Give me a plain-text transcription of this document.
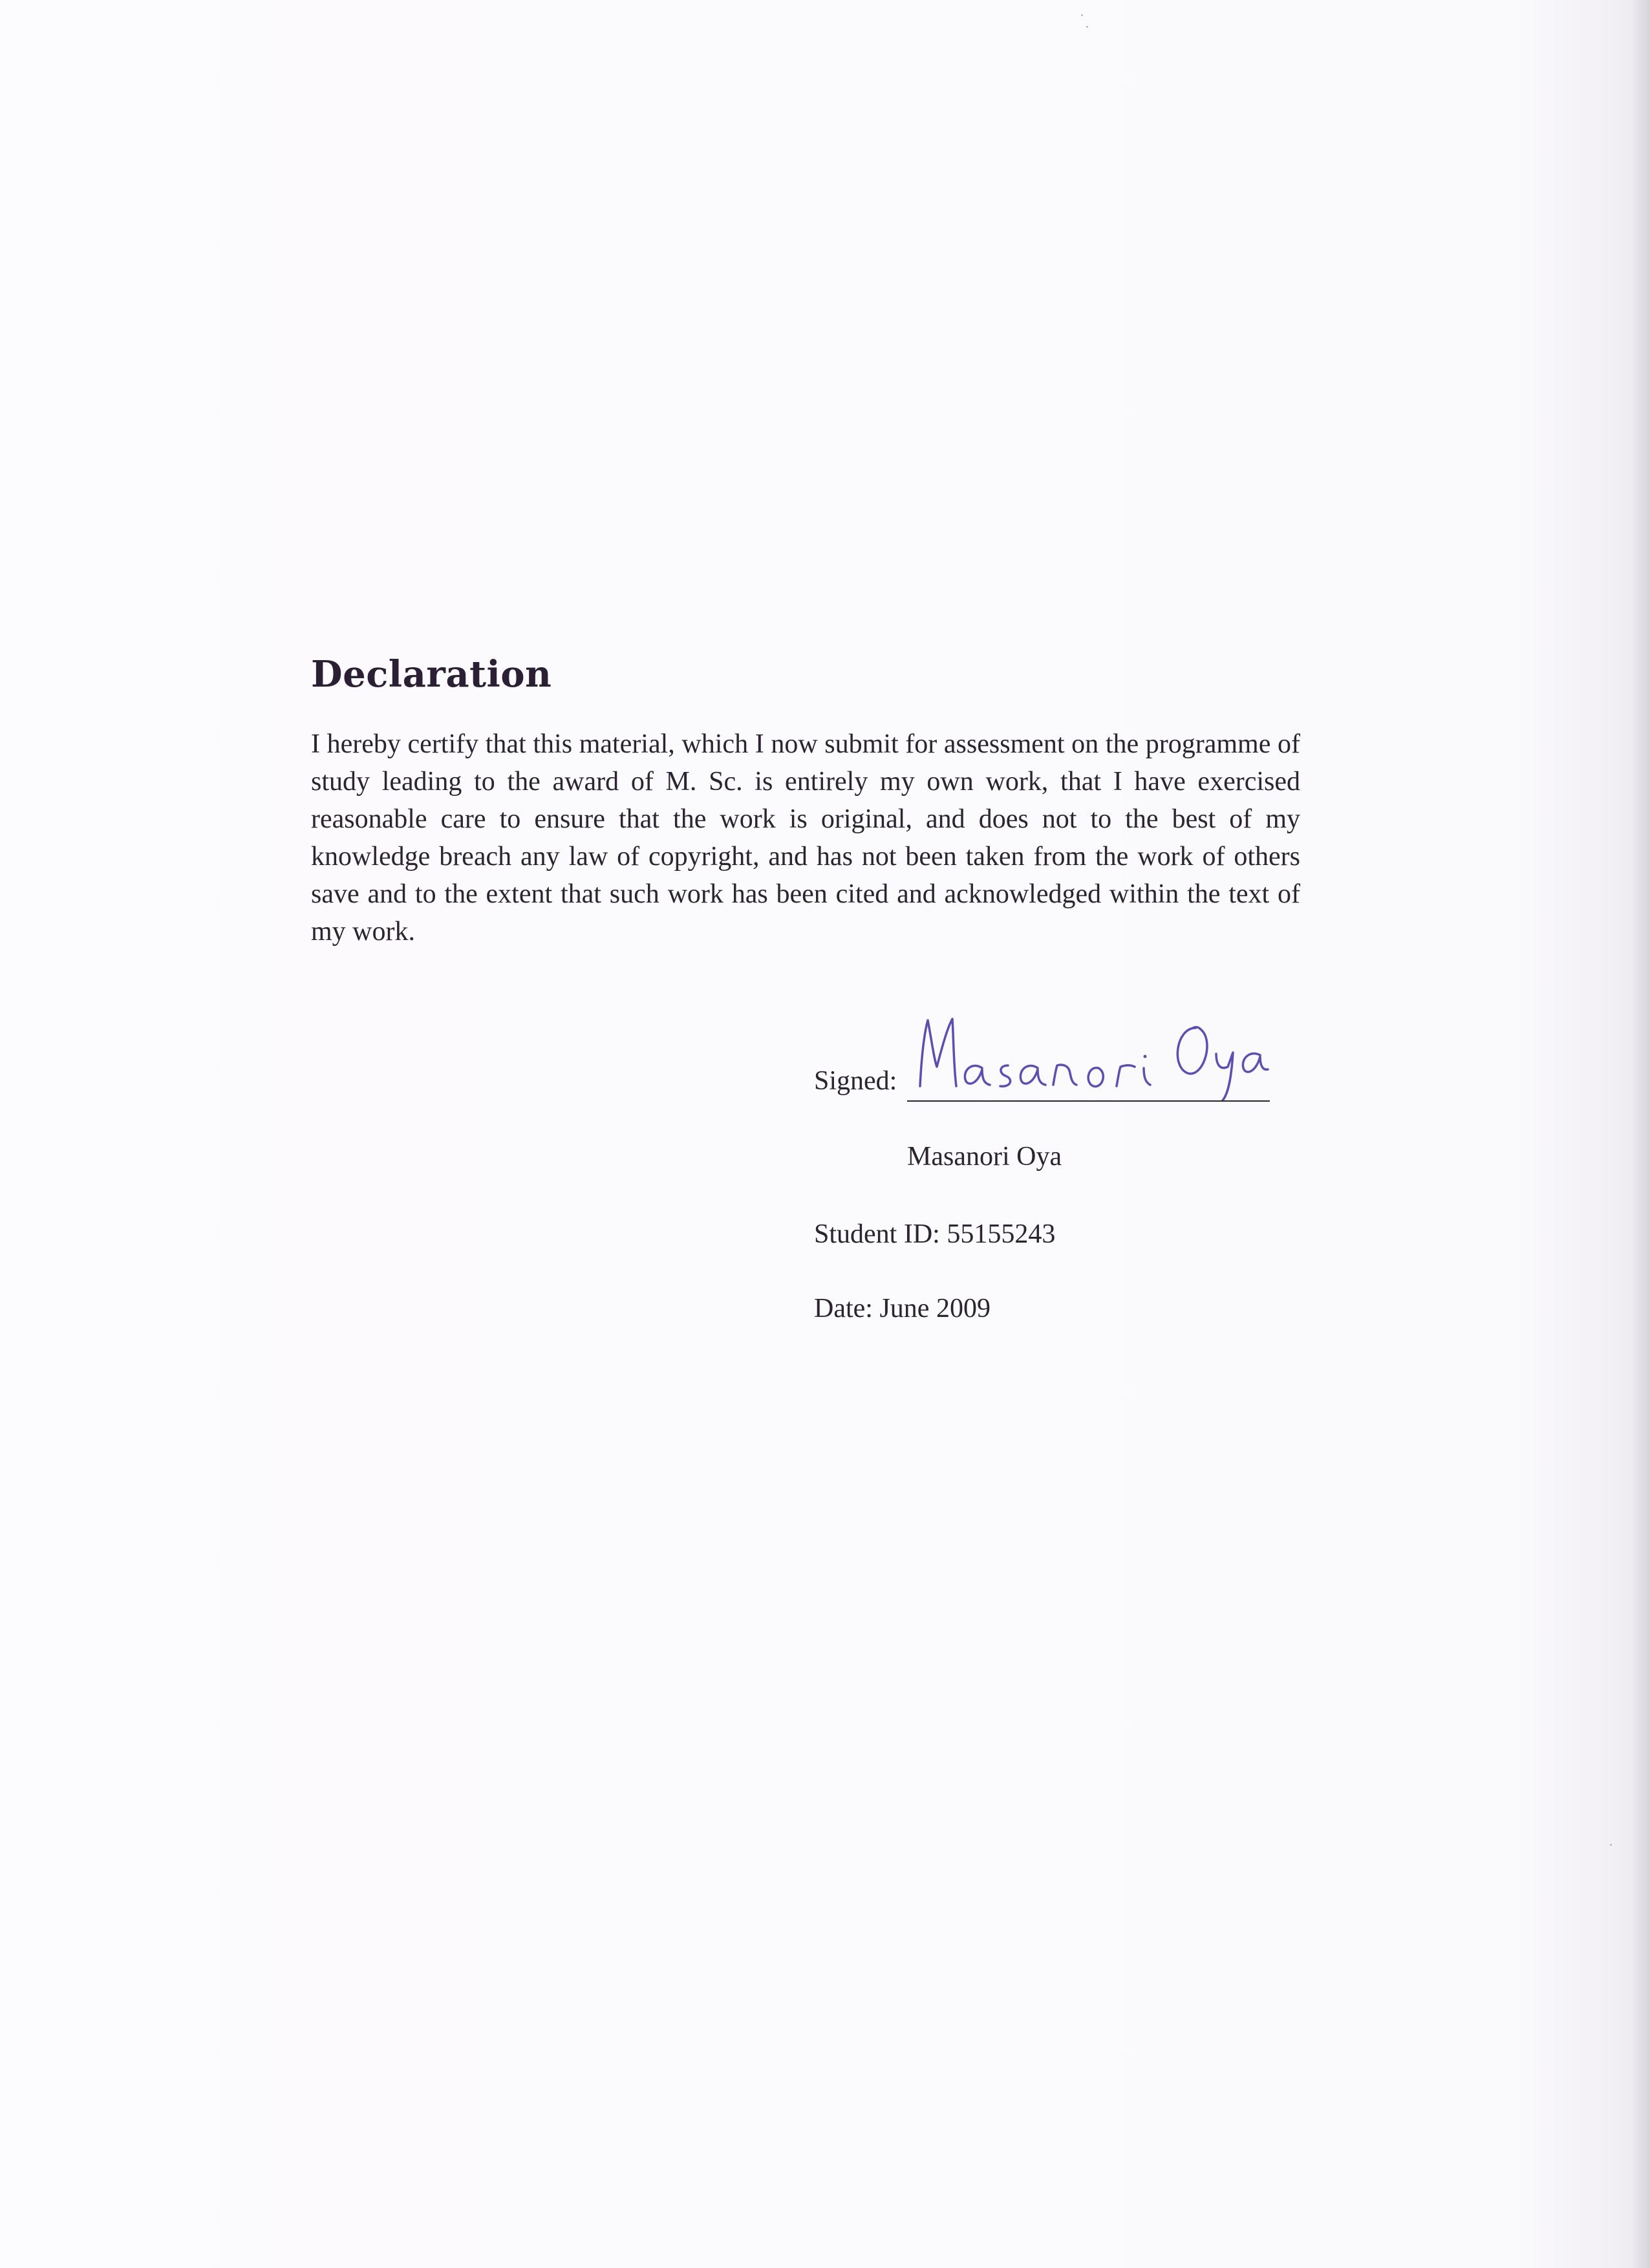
Declaration

I hereby certify that this material, which I now submit for assessment on the programme of study leading to the award of M. Sc. is entirely my own work, that I have exercised reasonable care to ensure that the work is original, and does not to the best of my knowledge breach any law of copyright, and has not been taken from the work of others save and to the extent that such work has been cited and acknowledged within the text of my work.

Signed:
Masanori Oya
Student ID: 55155243
Date: June 2009
